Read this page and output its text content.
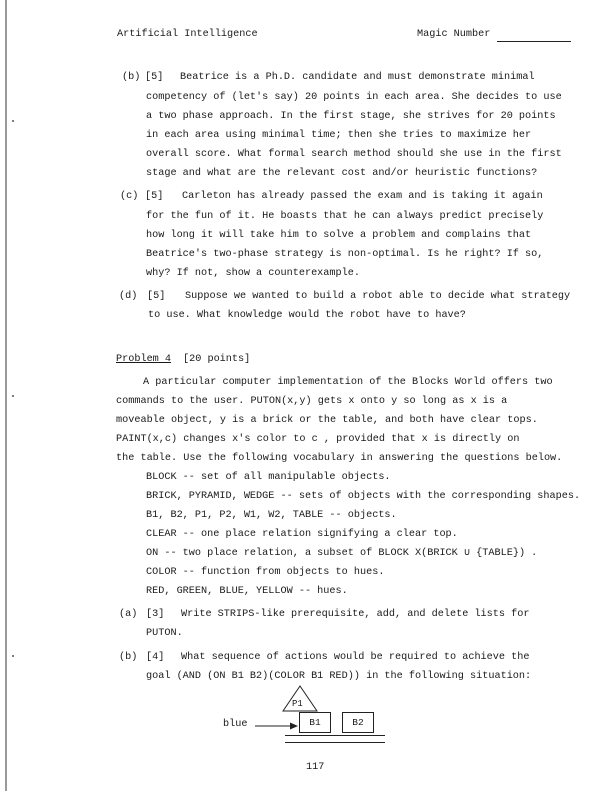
Artificial Intelligence	Magic Number
(b) [5] Beatrice is a Ph.D. candidate and must demonstrate minimal
competency of (let's say) 20 points in each area. She decides to use
a two phase approach. In the first stage, she strives for 20 points
in each area using minimal time; then she tries to maximize her
overall score. What formal search method should she use in the first
stage and what are the relevant cost and/or heuristic functions?
(c) [5] Carleton has already passed the exam and is taking it again
for the fun of it. He boasts that he can always predict precisely
how long it will take him to solve a problem and complains that
Beatrice's two-phase strategy is non-optimal. Is he right? If so,
why? If not, show a counterexample.
(d) [5] Suppose we wanted to build a robot able to decide what strategy
to use. What knowledge would the robot have to have?
Problem 4 [20 points]
A particular computer implementation of the Blocks World offers two
commands to the user. PUTON(x,y) gets x onto y so long as x is a
moveable object, y is a brick or the table, and both have clear tops.
PAINT(x,c) changes x's color to c , provided that x is directly on
the table. Use the following vocabulary in answering the questions below.
BLOCK -- set of all manipulable objects.
BRICK, PYRAMID, WEDGE -- sets of objects with the corresponding shapes.
B1, B2, P1, P2, W1, W2, TABLE -- objects.
CLEAR -- one place relation signifying a clear top.
ON -- two place relation, a subset of BLOCK X(BRICK ∪ {TABLE}) .
COLOR -- function from objects to hues.
RED, GREEN, BLUE, YELLOW -- hues.
(a) [3] Write STRIPS-like prerequisite, add, and delete lists for
PUTON.
(b) [4] What sequence of actions would be required to achieve the
goal (AND (ON B1 B2)(COLOR B1 RED)) in the following situation:
P1
blue	B1	B2
117
